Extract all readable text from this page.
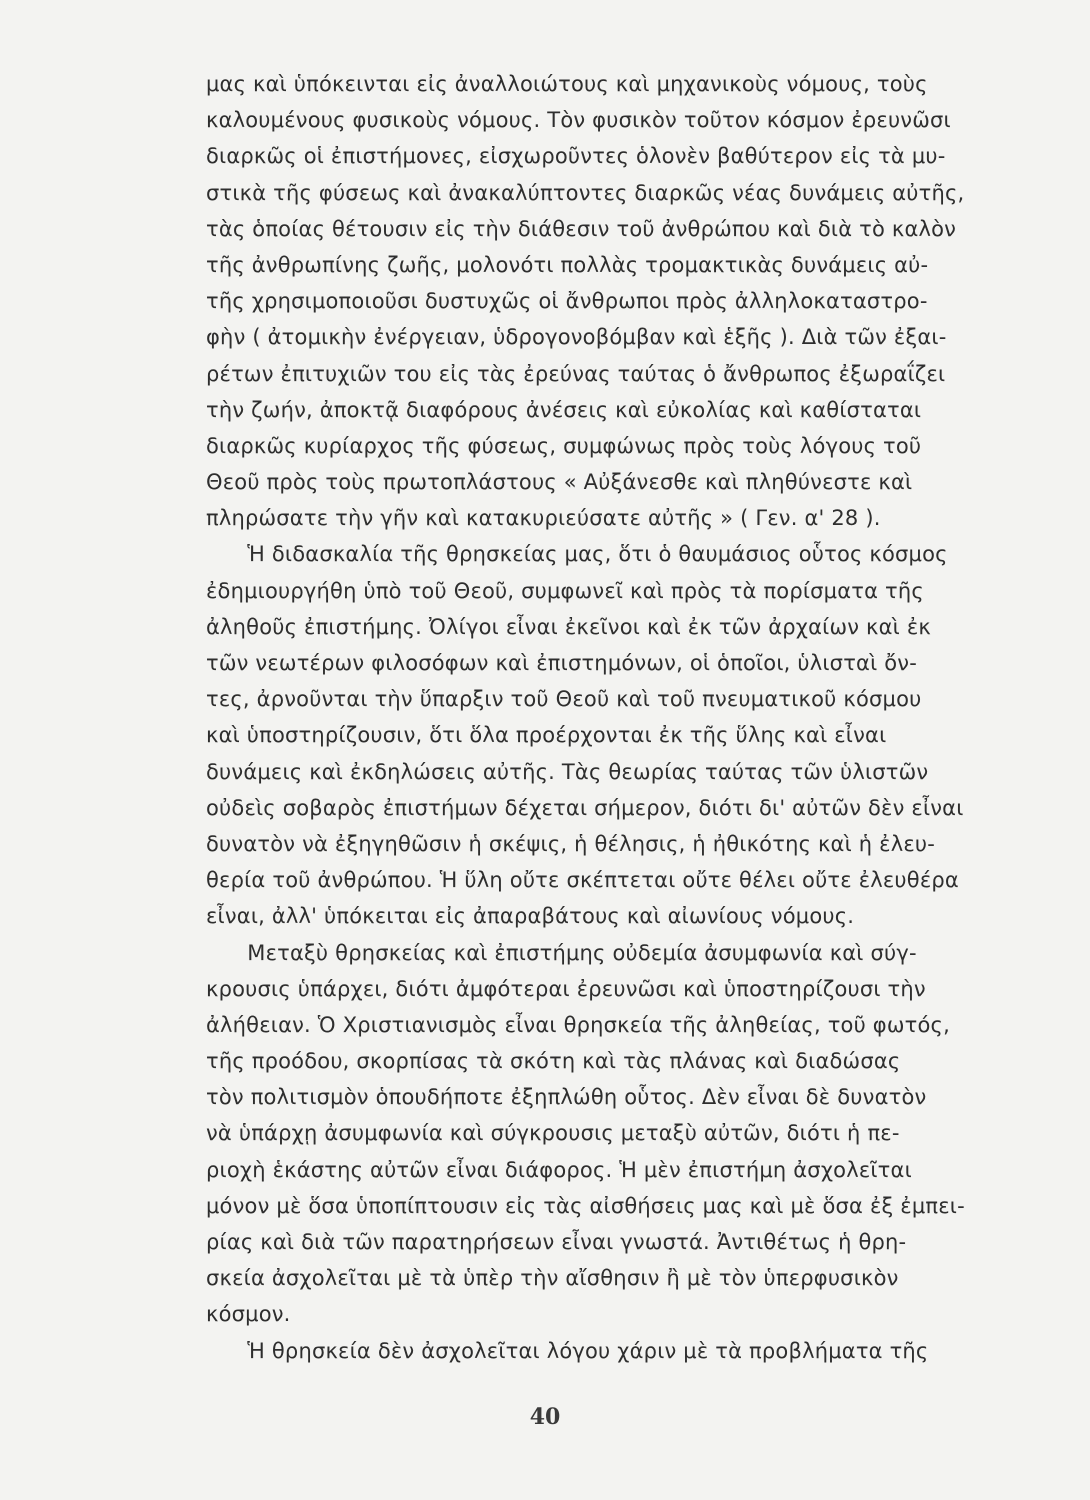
μας καὶ ὑπόκεινται εἰς ἀναλλοιώτους καὶ μηχανικοὺς νόμους, τοὺς
καλουμένους φυσικοὺς νόμους. Τὸν φυσικὸν τοῦτον κόσμον ἐρευνῶσι
διαρκῶς οἱ ἐπιστήμονες, εἰσχωροῦντες ὁλονὲν βαθύτερον εἰς τὰ μυ-
στικὰ τῆς φύσεως καὶ ἀνακαλύπτοντες διαρκῶς νέας δυνάμεις αὐτῆς,
τὰς ὁποίας θέτουσιν εἰς τὴν διάθεσιν τοῦ ἀνθρώπου καὶ διὰ τὸ καλὸν
τῆς ἀνθρωπίνης ζωῆς, μολονότι πολλὰς τρομακτικὰς δυνάμεις αὐ-
τῆς χρησιμοποιοῦσι δυστυχῶς οἱ ἄνθρωποι πρὸς ἀλληλοκαταστρο-
φὴν ( ἀτομικὴν ἐνέργειαν, ὑδρογονοβόμβαν καὶ ἑξῆς ). Διὰ τῶν ἐξαι-
ρέτων ἐπιτυχιῶν του εἰς τὰς ἐρεύνας ταύτας ὁ ἄνθρωπος ἐξωραΐζει
τὴν ζωήν, ἀποκτᾷ διαφόρους ἀνέσεις καὶ εὐκολίας καὶ καθίσταται
διαρκῶς κυρίαρχος τῆς φύσεως, συμφώνως πρὸς τοὺς λόγους τοῦ
Θεοῦ πρὸς τοὺς πρωτοπλάστους « Αὐξάνεσθε καὶ πληθύνεστε καὶ
πληρώσατε τὴν γῆν καὶ κατακυριεύσατε αὐτῆς » ( Γεν. α' 28 ).
Ἡ διδασκαλία τῆς θρησκείας μας, ὅτι ὁ θαυμάσιος οὗτος κόσμος
ἐδημιουργήθη ὑπὸ τοῦ Θεοῦ, συμφωνεῖ καὶ πρὸς τὰ πορίσματα τῆς
ἀληθοῦς ἐπιστήμης. Ὀλίγοι εἶναι ἐκεῖνοι καὶ ἐκ τῶν ἀρχαίων καὶ ἐκ
τῶν νεωτέρων φιλοσόφων καὶ ἐπιστημόνων, οἱ ὁποῖοι, ὑλισταὶ ὄν-
τες, ἀρνοῦνται τὴν ὕπαρξιν τοῦ Θεοῦ καὶ τοῦ πνευματικοῦ κόσμου
καὶ ὑποστηρίζουσιν, ὅτι ὅλα προέρχονται ἐκ τῆς ὕλης καὶ εἶναι
δυνάμεις καὶ ἐκδηλώσεις αὐτῆς. Τὰς θεωρίας ταύτας τῶν ὑλιστῶν
οὐδεὶς σοβαρὸς ἐπιστήμων δέχεται σήμερον, διότι δι' αὐτῶν δὲν εἶναι
δυνατὸν νὰ ἐξηγηθῶσιν ἡ σκέψις, ἡ θέλησις, ἡ ἠθικότης καὶ ἡ ἐλευ-
θερία τοῦ ἀνθρώπου. Ἡ ὕλη οὔτε σκέπτεται οὔτε θέλει οὔτε ἐλευθέρα
εἶναι, ἀλλ' ὑπόκειται εἰς ἀπαραβάτους καὶ αἰωνίους νόμους.
Μεταξὺ θρησκείας καὶ ἐπιστήμης οὐδεμία ἀσυμφωνία καὶ σύγ-
κρουσις ὑπάρχει, διότι ἀμφότεραι ἐρευνῶσι καὶ ὑποστηρίζουσι τὴν
ἀλήθειαν. Ὁ Χριστιανισμὸς εἶναι θρησκεία τῆς ἀληθείας, τοῦ φωτός,
τῆς προόδου, σκορπίσας τὰ σκότη καὶ τὰς πλάνας καὶ διαδώσας
τὸν πολιτισμὸν ὁπουδήποτε ἐξηπλώθη οὗτος. Δὲν εἶναι δὲ δυνατὸν
νὰ ὑπάρχῃ ἀσυμφωνία καὶ σύγκρουσις μεταξὺ αὐτῶν, διότι ἡ πε-
ριοχὴ ἑκάστης αὐτῶν εἶναι διάφορος. Ἡ μὲν ἐπιστήμη ἀσχολεῖται
μόνον μὲ ὅσα ὑποπίπτουσιν εἰς τὰς αἰσθήσεις μας καὶ μὲ ὅσα ἐξ ἐμπει-
ρίας καὶ διὰ τῶν παρατηρήσεων εἶναι γνωστά. Ἀντιθέτως ἡ θρη-
σκεία ἀσχολεῖται μὲ τὰ ὑπὲρ τὴν αἴσθησιν ἢ μὲ τὸν ὑπερφυσικὸν
κόσμον.
Ἡ θρησκεία δὲν ἀσχολεῖται λόγου χάριν μὲ τὰ προβλήματα τῆς
40
